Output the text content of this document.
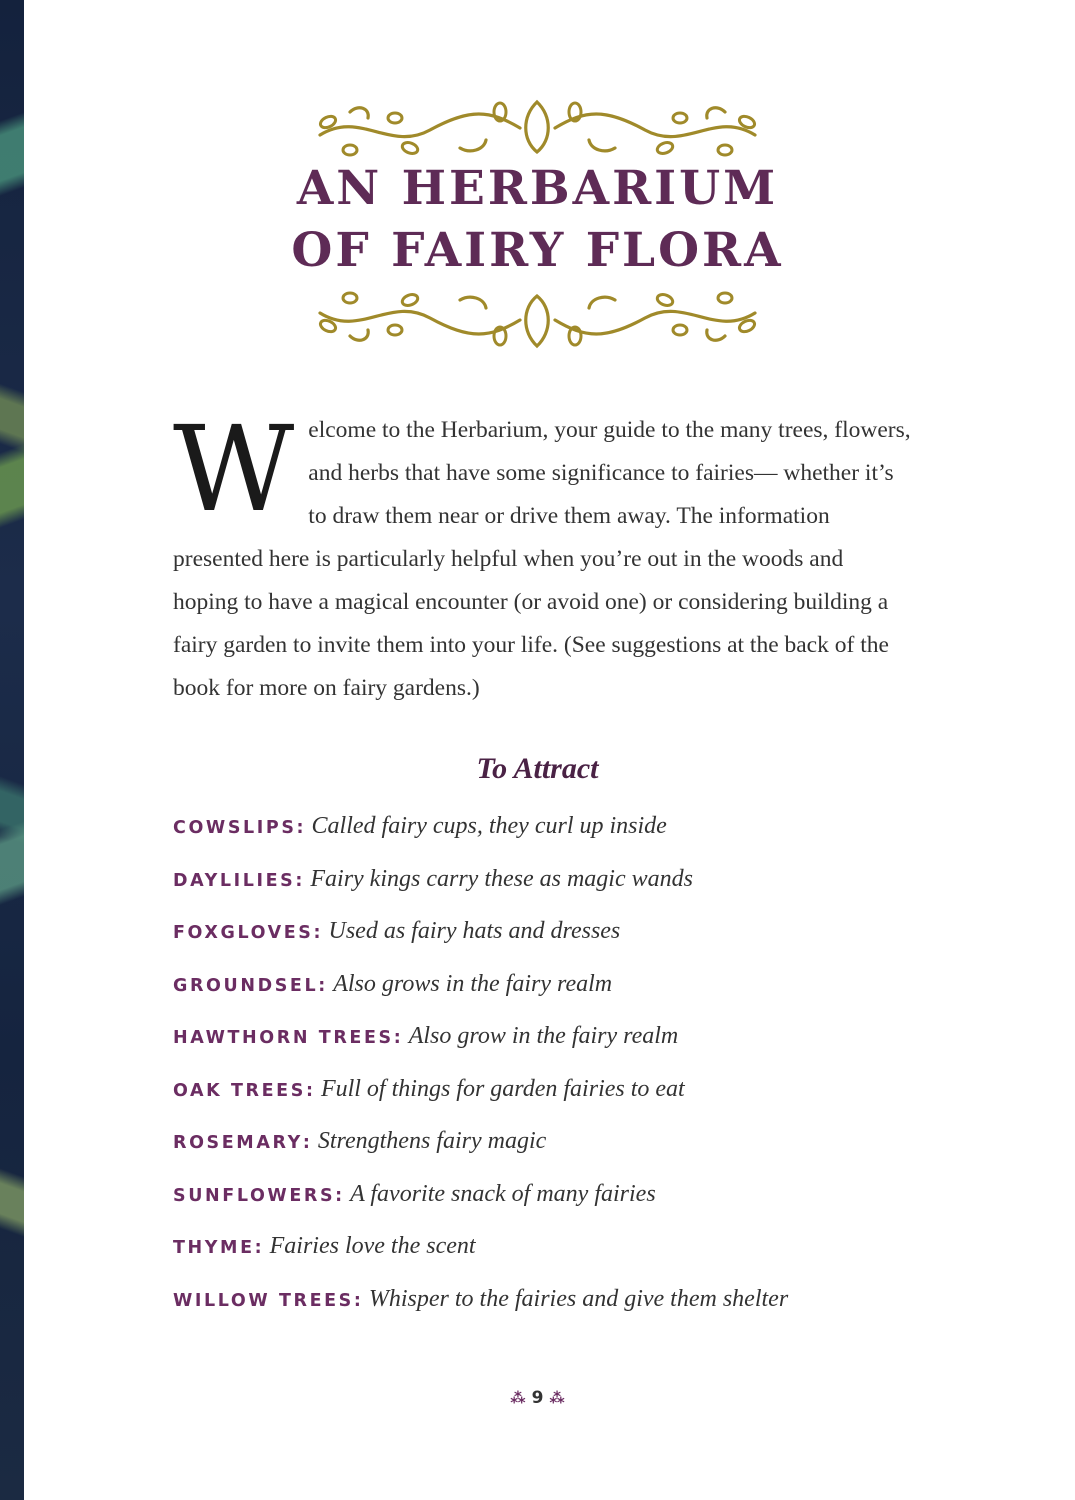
AN HERBARIUM
OF FAIRY FLORA

Welcome to the Herbarium, your guide to the many trees, flowers, and herbs that have some significance to fairies— whether it’s to draw them near or drive them away. The information presented here is particularly helpful when you’re out in the woods and hoping to have a magical encounter (or avoid one) or considering building a fairy garden to invite them into your life. (See suggestions at the back of the book for more on fairy gardens.)

To Attract
COWSLIPS: Called fairy cups, they curl up inside
DAYLILIES: Fairy kings carry these as magic wands
FOXGLOVES: Used as fairy hats and dresses
GROUNDSEL: Also grows in the fairy realm
HAWTHORN TREES: Also grow in the fairy realm
OAK TREES: Full of things for garden fairies to eat
ROSEMARY: Strengthens fairy magic
SUNFLOWERS: A favorite snack of many fairies
THYME: Fairies love the scent
WILLOW TREES: Whisper to the fairies and give them shelter
⁂ 9 ⁂
